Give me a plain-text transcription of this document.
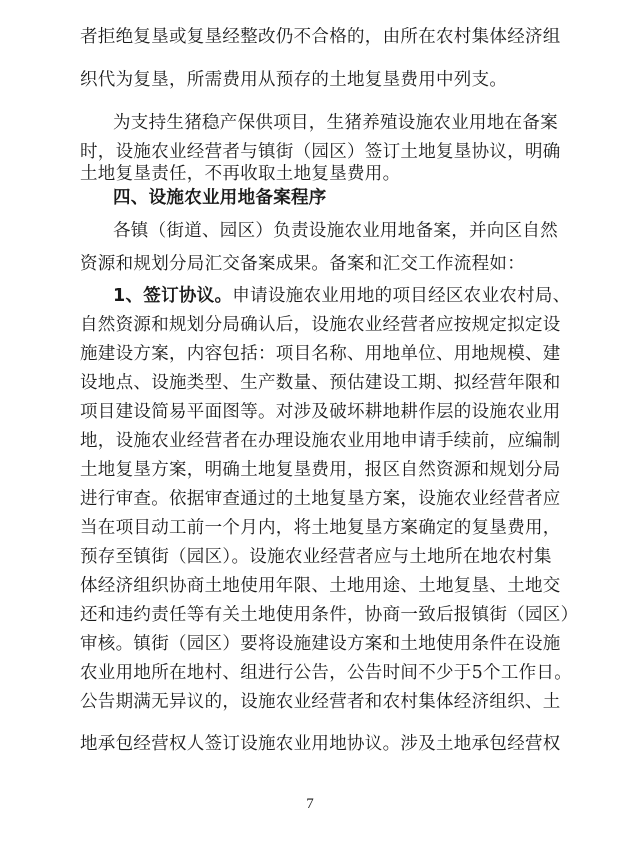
者拒绝复垦或复垦经整改仍不合格的，由所在农村集体经济组
织代为复垦，所需费用从预存的土地复垦费用中列支。
为支持生猪稳产保供项目，生猪养殖设施农业用地在备案
时，设施农业经营者与镇街（园区）签订土地复垦协议，明确
土地复垦责任，不再收取土地复垦费用。
四、设施农业用地备案程序
各镇（街道、园区）负责设施农业用地备案，并向区自然
资源和规划分局汇交备案成果。备案和汇交工作流程如：
1、签订协议。申请设施农业用地的项目经区农业农村局、
自然资源和规划分局确认后，设施农业经营者应按规定拟定设
施建设方案，内容包括：项目名称、用地单位、用地规模、建
设地点、设施类型、生产数量、预估建设工期、拟经营年限和
项目建设简易平面图等。对涉及破坏耕地耕作层的设施农业用
地，设施农业经营者在办理设施农业用地申请手续前，应编制
土地复垦方案，明确土地复垦费用，报区自然资源和规划分局
进行审查。依据审查通过的土地复垦方案，设施农业经营者应
当在项目动工前一个月内，将土地复垦方案确定的复垦费用，
预存至镇街（园区）。设施农业经营者应与土地所在地农村集
体经济组织协商土地使用年限、土地用途、土地复垦、土地交
还和违约责任等有关土地使用条件，协商一致后报镇街（园区）
审核。镇街（园区）要将设施建设方案和土地使用条件在设施
农业用地所在地村、组进行公告，公告时间不少于5个工作日。
公告期满无异议的，设施农业经营者和农村集体经济组织、土
地承包经营权人签订设施农业用地协议。涉及土地承包经营权
7
